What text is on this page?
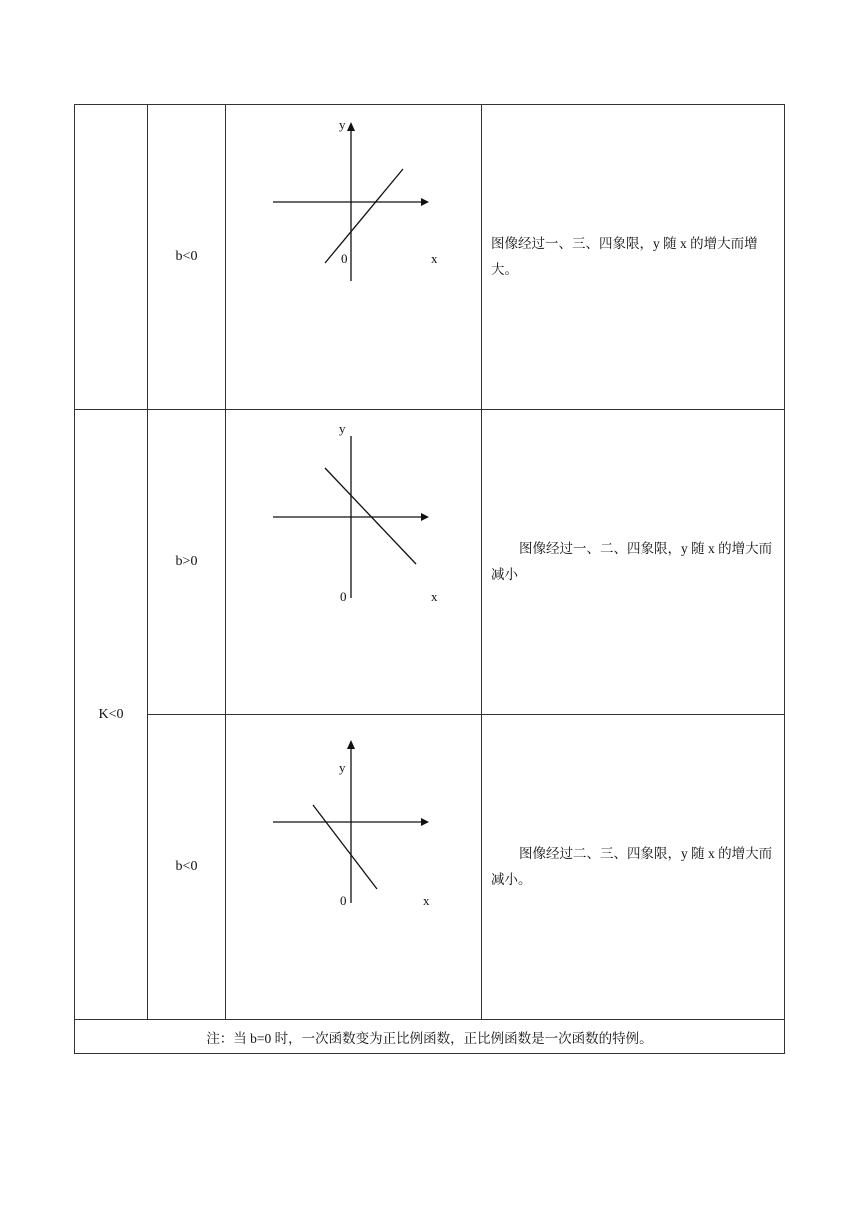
	b<0	y
0 x	图像经过一、三、四象限，y 随 x 的增大而增大。

K<0	b>0	y
0 x	图像经过一、二、四象限，y 随 x 的增大而减小

	b<0	y
0 x	图像经过二、三、四象限，y 随 x 的增大而减小。

注：当 b=0 时，一次函数变为正比例函数，正比例函数是一次函数的特例。			
